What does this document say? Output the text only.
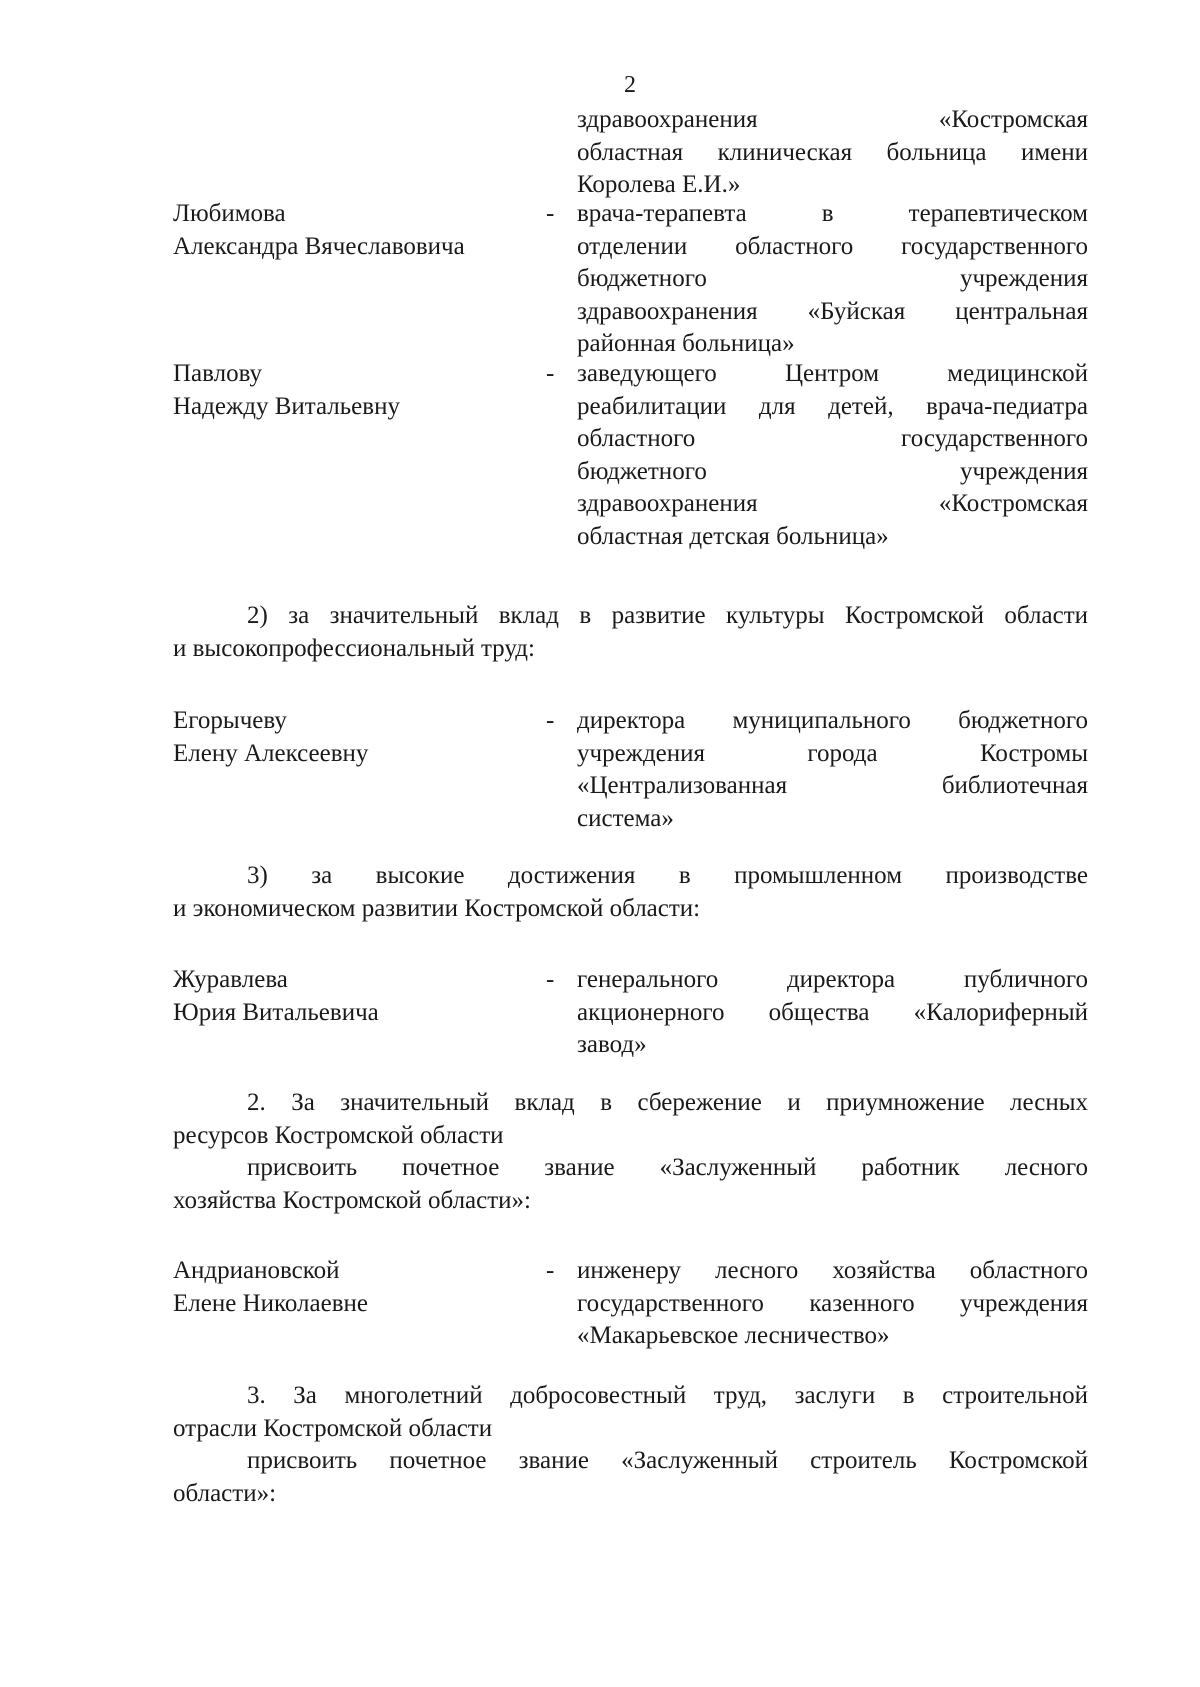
2
здравоохранения «Костромская
областная клиническая больница имени
Королева Е.И.»
Любимова
Александра Вячеславовича
- врача-терапевта в терапевтическом
отделении областного государственного
бюджетного учреждения
здравоохранения «Буйская центральная
районная больница»
Павлову
Надежду Витальевну
- заведующего Центром медицинской
реабилитации для детей, врача-педиатра
областного государственного
бюджетного учреждения
здравоохранения «Костромская
областная детская больница»
2) за значительный вклад в развитие культуры Костромской области
и высокопрофессиональный труд:
Егорычеву
Елену Алексеевну
- директора муниципального бюджетного
учреждения города Костромы
«Централизованная библиотечная
система»
3) за высокие достижения в промышленном производстве
и экономическом развитии Костромской области:
Журавлева
Юрия Витальевича
- генерального директора публичного
акционерного общества «Калориферный
завод»
2. За значительный вклад в сбережение и приумножение лесных
ресурсов Костромской области
присвоить почетное звание «Заслуженный работник лесного
хозяйства Костромской области»:
Андриановской
Елене Николаевне
- инженеру лесного хозяйства областного
государственного казенного учреждения
«Макарьевское лесничество»
3. За многолетний добросовестный труд, заслуги в строительной
отрасли Костромской области
присвоить почетное звание «Заслуженный строитель Костромской
области»:
